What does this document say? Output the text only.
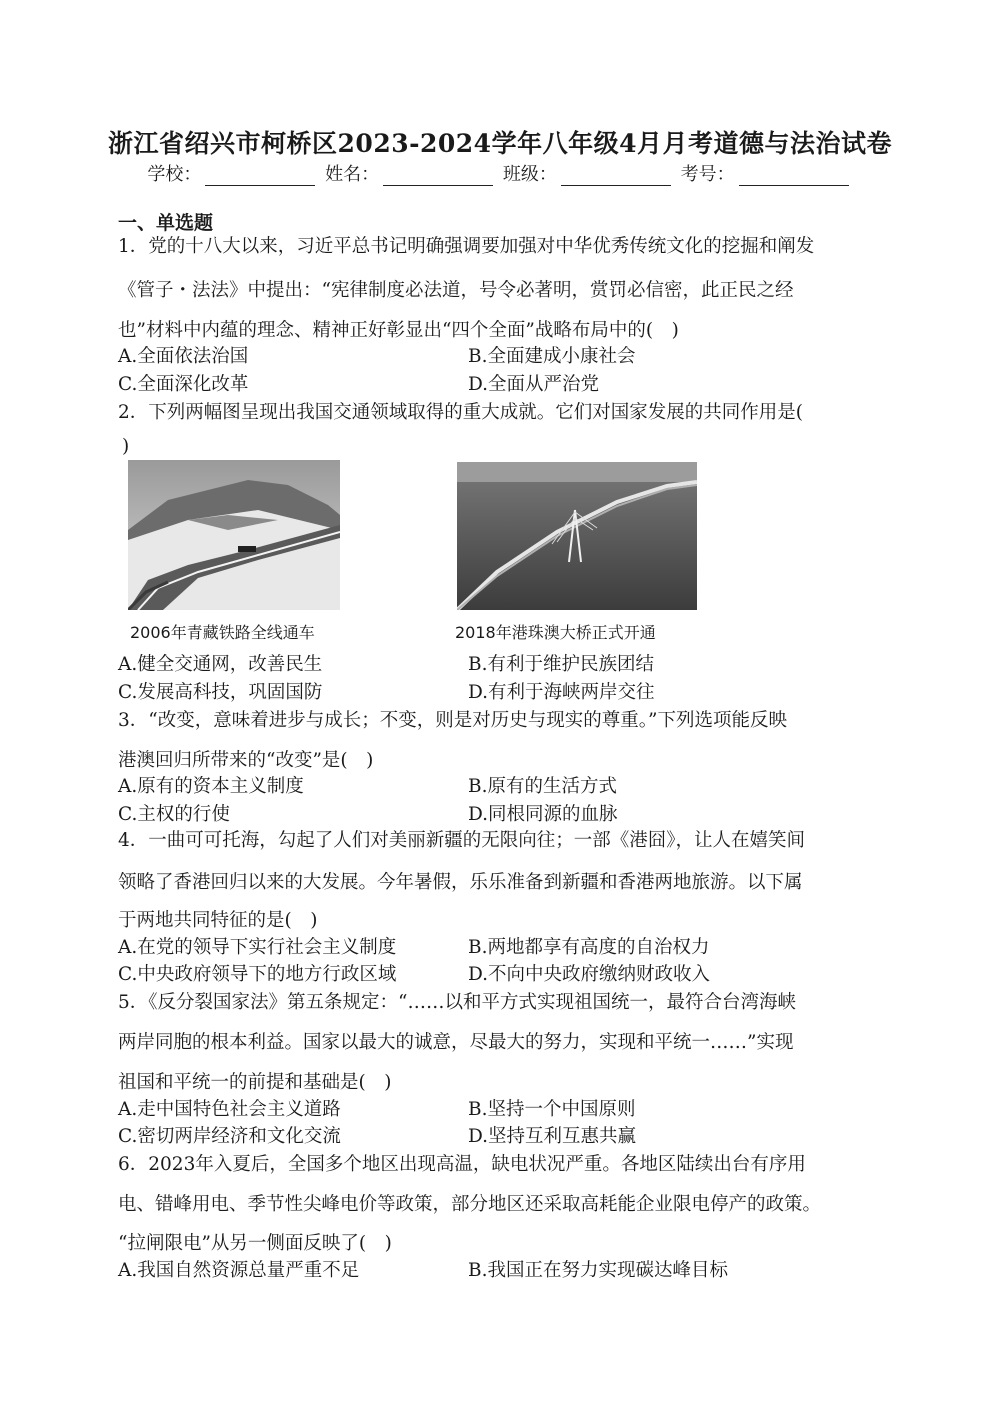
浙江省绍兴市柯桥区2023-2024学年八年级4月月考道德与法治试卷
学校：	姓名：	班级：	考号：
一、单选题
1．党的十八大以来，习近平总书记明确强调要加强对中华优秀传统文化的挖掘和阐发
《管子・法法》中提出：“宪律制度必法道，号令必著明，赏罚必信密，此正民之经
也”材料中内蕴的理念、精神正好彰显出“四个全面”战略布局中的(　)
A.全面依法治国	B.全面建成小康社会
C.全面深化改革	D.全面从严治党
2．下列两幅图呈现出我国交通领域取得的重大成就。它们对国家发展的共同作用是(
)
2006年青藏铁路全线通车	2018年港珠澳大桥正式开通
A.健全交通网，改善民生	B.有利于维护民族团结
C.发展高科技，巩固国防	D.有利于海峡两岸交往
3．“改变，意味着进步与成长；不变，则是对历史与现实的尊重。”下列选项能反映
港澳回归所带来的“改变”是(　)
A.原有的资本主义制度	B.原有的生活方式
C.主权的行使	D.同根同源的血脉
4．一曲可可托海，勾起了人们对美丽新疆的无限向往；一部《港囧》，让人在嬉笑间
领略了香港回归以来的大发展。今年暑假，乐乐准备到新疆和香港两地旅游。以下属
于两地共同特征的是(　)
A.在党的领导下实行社会主义制度	B.两地都享有高度的自治权力
C.中央政府领导下的地方行政区域	D.不向中央政府缴纳财政收入
5．《反分裂国家法》第五条规定：“……以和平方式实现祖国统一，最符合台湾海峡
两岸同胞的根本利益。国家以最大的诚意，尽最大的努力，实现和平统一……”实现
祖国和平统一的前提和基础是(　)
A.走中国特色社会主义道路	B.坚持一个中国原则
C.密切两岸经济和文化交流	D.坚持互利互惠共赢
6．2023年入夏后，全国多个地区出现高温，缺电状况严重。各地区陆续出台有序用
电、错峰用电、季节性尖峰电价等政策，部分地区还采取高耗能企业限电停产的政策。
“拉闸限电”从另一侧面反映了(　)
A.我国自然资源总量严重不足	B.我国正在努力实现碳达峰目标
